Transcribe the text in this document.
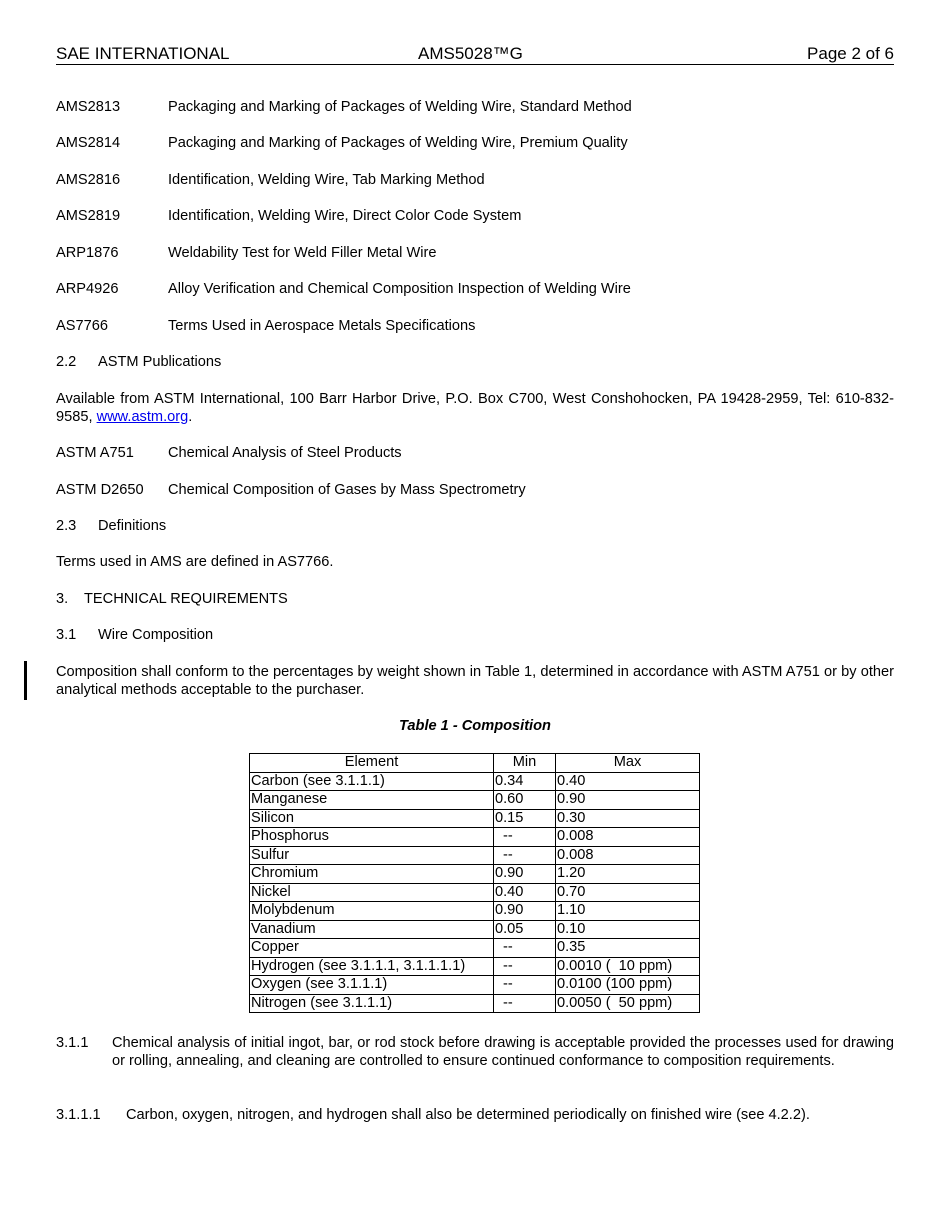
SAE INTERNATIONAL	AMS5028™G	Page 2 of 6
AMS2813	Packaging and Marking of Packages of Welding Wire, Standard Method
AMS2814	Packaging and Marking of Packages of Welding Wire, Premium Quality
AMS2816	Identification, Welding Wire, Tab Marking Method
AMS2819	Identification, Welding Wire, Direct Color Code System
ARP1876	Weldability Test for Weld Filler Metal Wire
ARP4926	Alloy Verification and Chemical Composition Inspection of Welding Wire
AS7766	Terms Used in Aerospace Metals Specifications
2.2 ASTM Publications
Available from ASTM International, 100 Barr Harbor Drive, P.O. Box C700, West Conshohocken, PA 19428-2959, Tel: 610-832-9585, www.astm.org.
ASTM A751 Chemical Analysis of Steel Products
ASTM D2650 Chemical Composition of Gases by Mass Spectrometry
2.3 Definitions
Terms used in AMS are defined in AS7766.
3. TECHNICAL REQUIREMENTS
3.1 Wire Composition
Composition shall conform to the percentages by weight shown in Table 1, determined in accordance with ASTM A751 or by other analytical methods acceptable to the purchaser.
Table 1 - Composition
Element	Min	Max
Carbon (see 3.1.1.1)	0.34	0.40
Manganese	0.60	0.90
Silicon	0.15	0.30
Phosphorus	--	0.008
Sulfur	--	0.008
Chromium	0.90	1.20
Nickel	0.40	0.70
Molybdenum	0.90	1.10
Vanadium	0.05	0.10
Copper	--	0.35
Hydrogen (see 3.1.1.1, 3.1.1.1.1)	--	0.0010 (  10 ppm)
Oxygen (see 3.1.1.1)	--	0.0100 (100 ppm)
Nitrogen (see 3.1.1.1)	--	0.0050 (  50 ppm)
3.1.1 Chemical analysis of initial ingot, bar, or rod stock before drawing is acceptable provided the processes used for drawing or rolling, annealing, and cleaning are controlled to ensure continued conformance to composition requirements.
3.1.1.1 Carbon, oxygen, nitrogen, and hydrogen shall also be determined periodically on finished wire (see 4.2.2).
